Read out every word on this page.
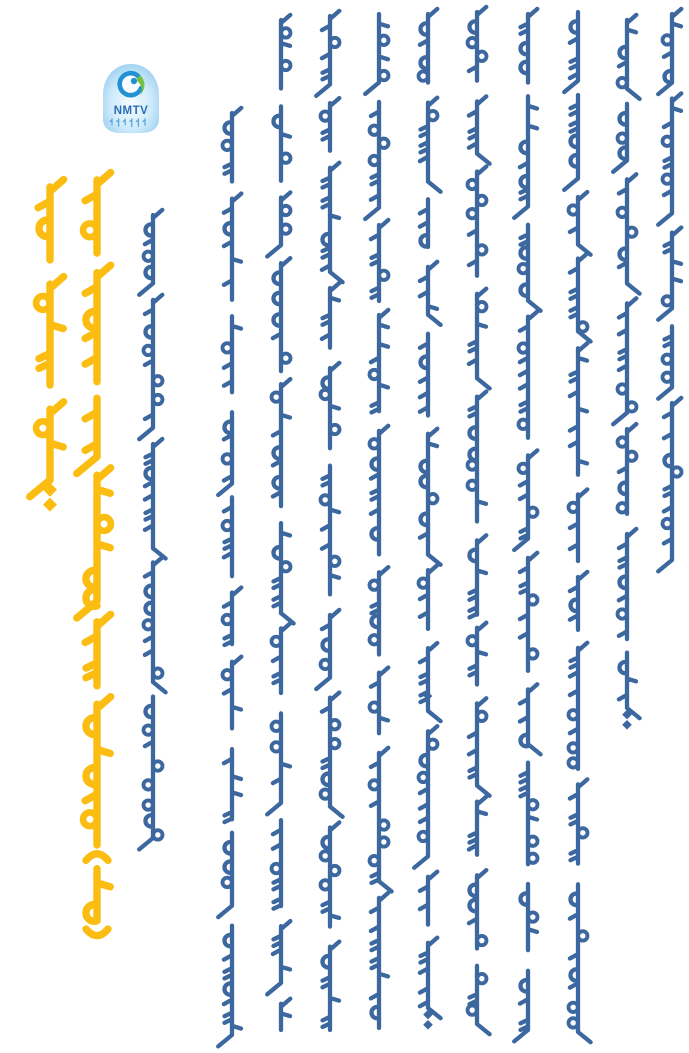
NMTV
